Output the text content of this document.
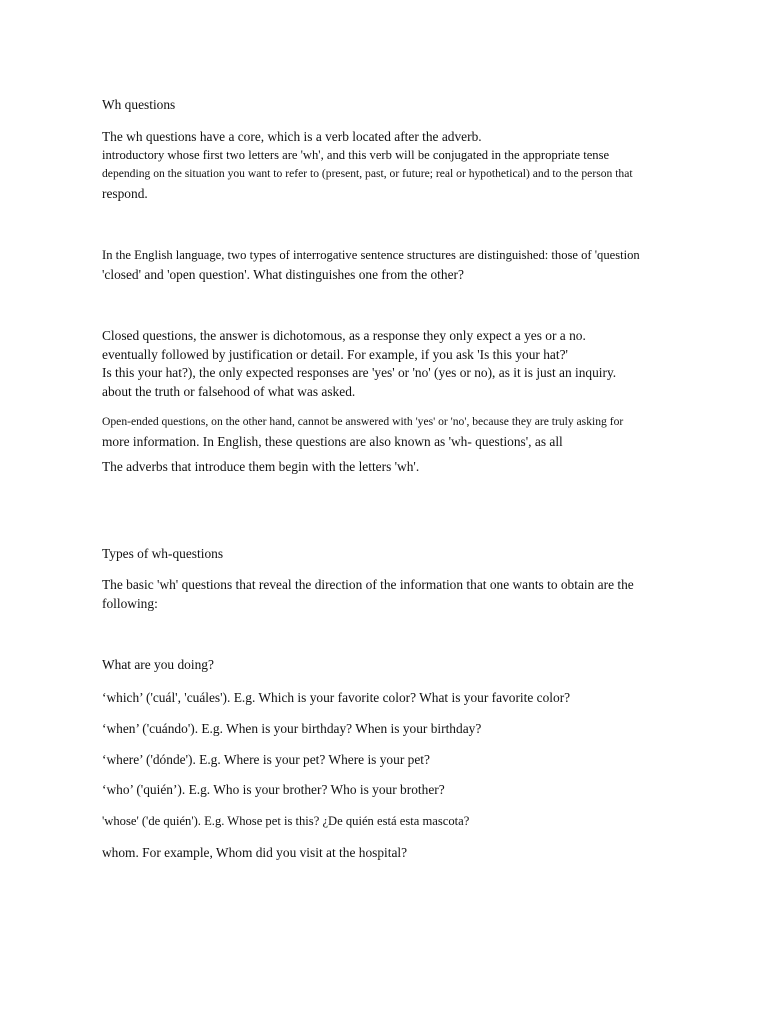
Wh questions
The wh questions have a core, which is a verb located after the adverb.
introductory whose first two letters are 'wh', and this verb will be conjugated in the appropriate tense
depending on the situation you want to refer to (present, past, or future; real or hypothetical) and to the person that
respond.
In the English language, two types of interrogative sentence structures are distinguished: those of 'question
'closed' and 'open question'. What distinguishes one from the other?
Closed questions, the answer is dichotomous, as a response they only expect a yes or a no.
eventually followed by justification or detail. For example, if you ask 'Is this your hat?'
Is this your hat?), the only expected responses are 'yes' or 'no' (yes or no), as it is just an inquiry.
about the truth or falsehood of what was asked.
Open-ended questions, on the other hand, cannot be answered with 'yes' or 'no', because they are truly asking for
more information. In English, these questions are also known as 'wh- questions', as all
The adverbs that introduce them begin with the letters 'wh'.
Types of wh-questions
The basic 'wh' questions that reveal the direction of the information that one wants to obtain are the
following:
What are you doing?
‘which’ ('cuál', 'cuáles'). E.g. Which is your favorite color? What is your favorite color?
‘when’ ('cuándo'). E.g. When is your birthday? When is your birthday?
‘where’ ('dónde'). E.g. Where is your pet? Where is your pet?
‘who’ ('quién’). E.g. Who is your brother? Who is your brother?
'whose' ('de quién'). E.g. Whose pet is this? ¿De quién está esta mascota?
whom. For example, Whom did you visit at the hospital?
